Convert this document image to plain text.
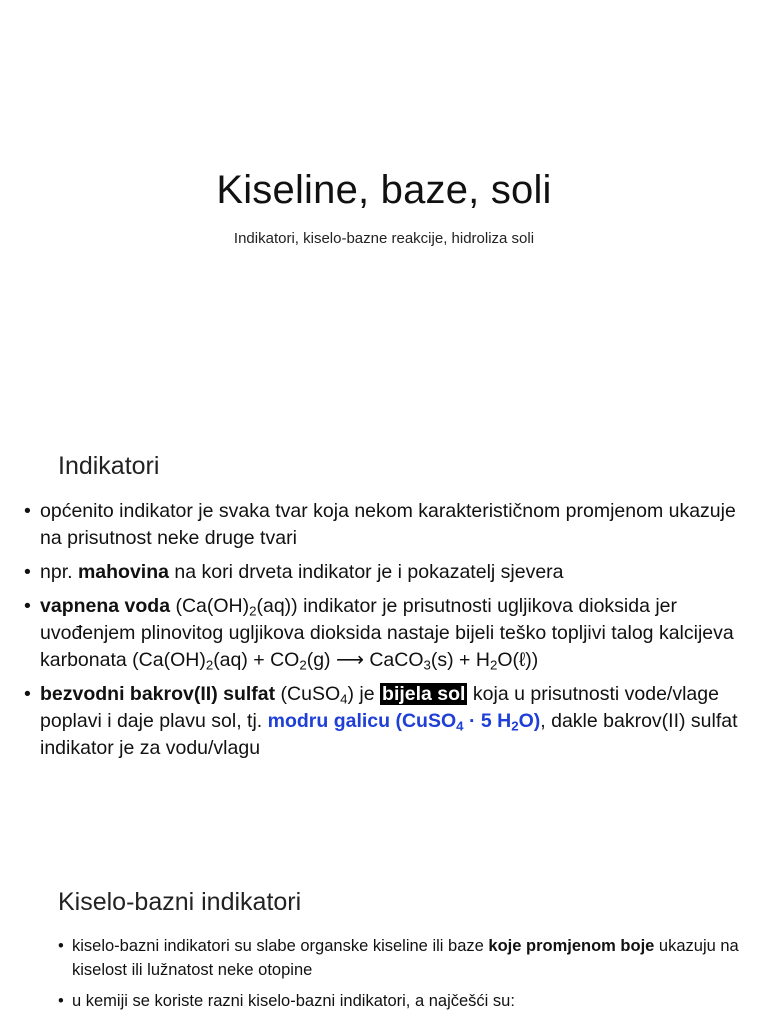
Kiseline, baze, soli

Indikatori, kiselo-bazne reakcije, hidroliza soli

Indikatori
• općenito indikator je svaka tvar koja nekom karakterističnom promjenom ukazuje na prisutnost neke druge tvari
• npr. mahovina na kori drveta indikator je i pokazatelj sjevera
• vapnena voda $(Ca(OH)_2(aq))$ indikator je prisutnosti ugljikova dioksida jer uvođenjem plinovitog ugljikova dioksida nastaje bijeli teško topljivi talog kalcijeva karbonata ($Ca(OH)_2(aq) + CO_2(g)$ ⟶ CaCO$_3$(s) + $H_2O(\ell)$)
• bezvodni bakrov(II) sulfat (CuSO$_4$) je bijela sol koja u prisutnosti vode/vlage poplavi i daje plavu sol, tj. modru galicu (CuSO$_4$ · 5 $H_2O$), dakle bakrov(II) sulfat indikator je za vodu/vlagu
Kiselo-bazni indikatori
• kiselo-bazni indikatori su slabe organske kiseline ili baze koje promjenom boje ukazuju na kiselost ili lužnatost neke otopine
• u kemiji se koriste razni kiselo-bazni indikatori, a najčešći su:
